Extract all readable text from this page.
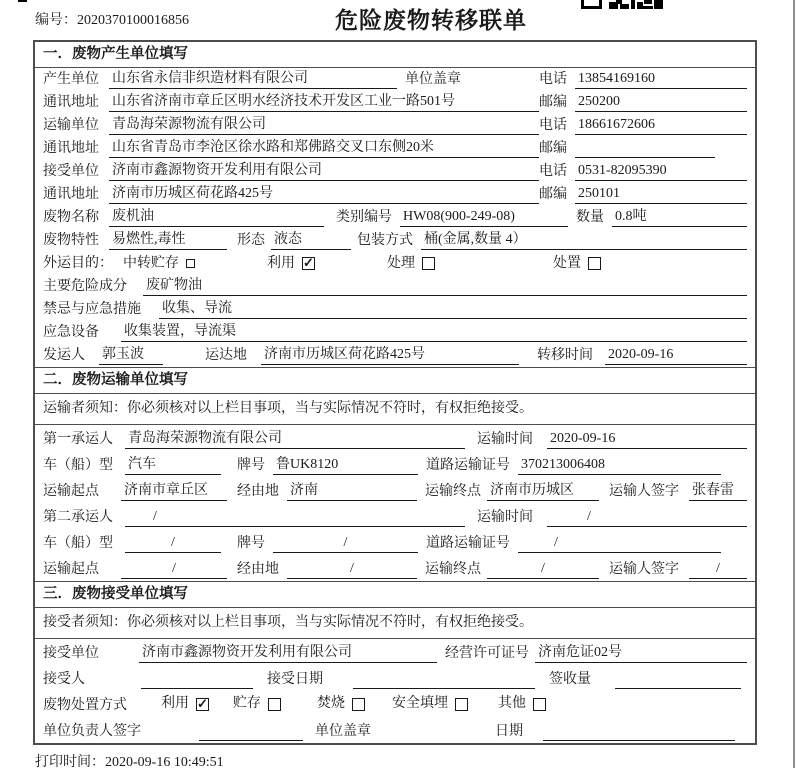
编号：2020370100016856	危险废物转移联单
一．废物产生单位填写
产生单位 山东省永信非织造材料有限公司	单位盖章	电话 13854169160
通讯地址 山东省济南市章丘区明水经济技术开发区工业一路501号	邮编 250200
运输单位 青岛海荣源物流有限公司	电话 18661672606
通讯地址 山东省青岛市李沧区徐水路和郑佛路交叉口东侧20米	邮编
接受单位 济南市鑫源物资开发利用有限公司	电话 0531-82095390
通讯地址 济南市历城区荷花路425号	邮编 250101
废物名称 废机油	类别编号 HW08(900-249-08)	数量 0.8吨
废物特性 易燃性,毒性	形态 液态	包装方式 桶(金属,数量 4）
外运目的： 中转贮存	利用 ✓	处理	处置
主要危险成分 废矿物油
禁忌与应急措施 收集、导流
应急设备 收集装置，导流渠
发运人 郭玉波	运达地 济南市历城区荷花路425号	转移时间 2020-09-16
二．废物运输单位填写
运输者须知：你必须核对以上栏目事项，当与实际情况不符时，有权拒绝接受。
第一承运人 青岛海荣源物流有限公司	运输时间 2020-09-16
车（船）型 汽车	牌号 鲁UK8120	道路运输证号 370213006408
运输起点 济南市章丘区	经由地 济南	运输终点 济南市历城区	运输人签字 张春雷
第二承运人	/	运输时间	/
车（船）型	/	牌号	/	道路运输证号	/
运输起点	/	经由地	/	运输终点	/	运输人签字	/
三．废物接受单位填写
接受者须知：你必须核对以上栏目事项，当与实际情况不符时，有权拒绝接受。
接受单位	济南市鑫源物资开发利用有限公司	经营许可证号 济南危证02号
接受人	接受日期	签收量
废物处置方式 利用 ✓	贮存	焚烧	安全填埋	其他
单位负责人签字	单位盖章	日期
打印时间：2020-09-16 10:49:51
